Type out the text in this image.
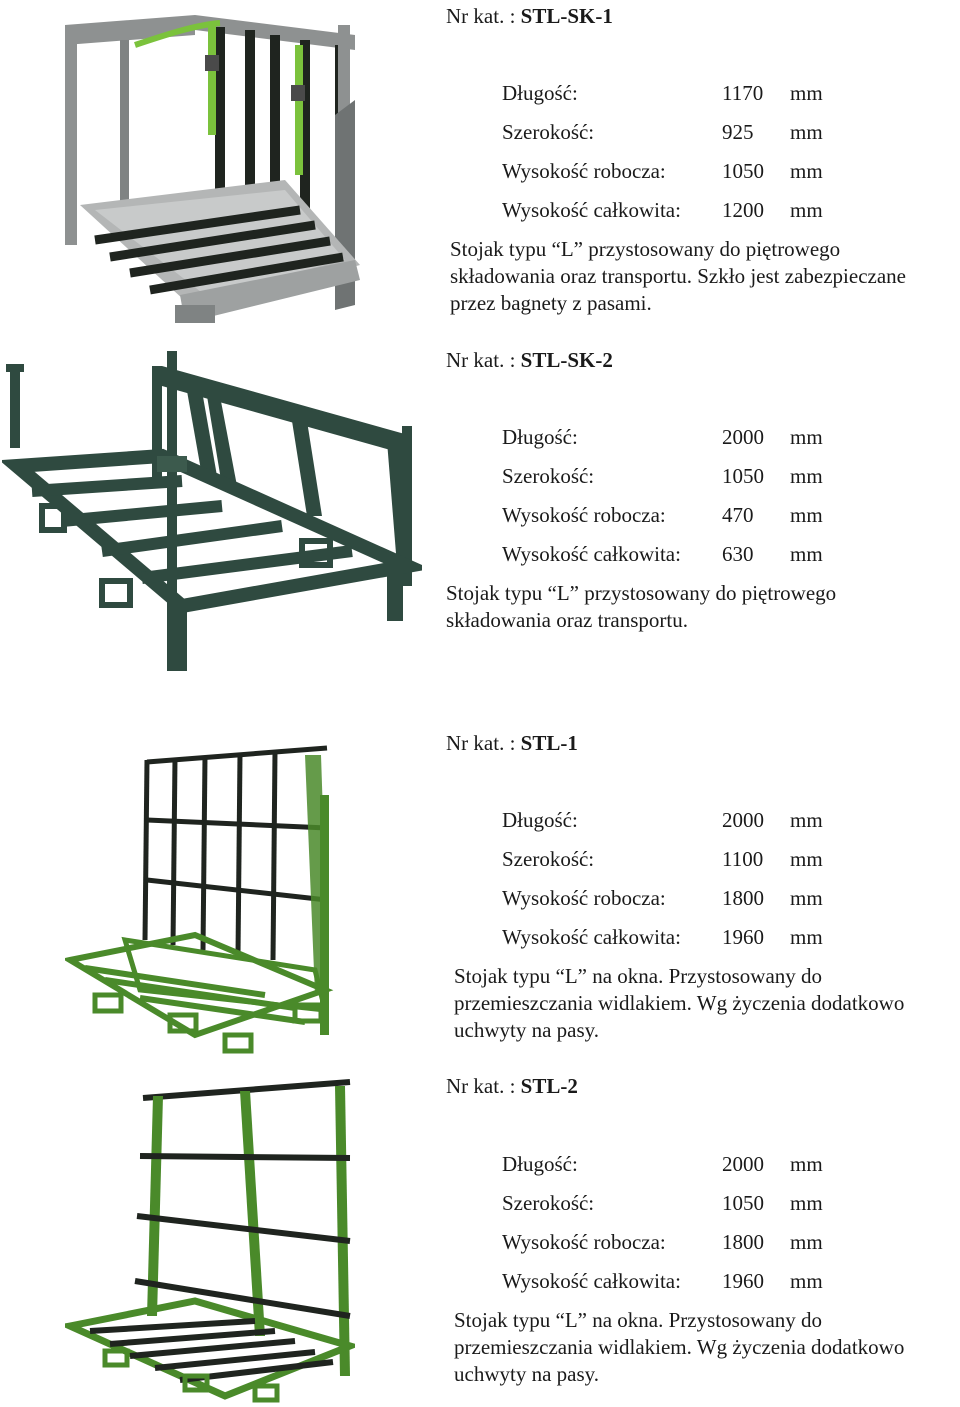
Nr kat. : STL-SK-1
Długość:	1170	mm
Szerokość:	925	mm
Wysokość robocza:	1050	mm
Wysokość całkowita:	1200	mm
Stojak typu “L” przystosowany do piętrowego
składowania oraz transportu. Szkło jest zabezpieczane
przez bagnety z pasami.
Nr kat. : STL-SK-2
Długość:	2000	mm
Szerokość:	1050	mm
Wysokość robocza:	470	mm
Wysokość całkowita:	630	mm
Stojak typu “L” przystosowany do piętrowego
składowania oraz transportu.
Nr kat. : STL-1
Długość:	2000	mm
Szerokość:	1100	mm
Wysokość robocza:	1800	mm
Wysokość całkowita:	1960	mm
Stojak typu “L” na okna. Przystosowany do
przemieszczania widlakiem. Wg życzenia dodatkowo
uchwyty na pasy.
Nr kat. : STL-2
Długość:	2000	mm
Szerokość:	1050	mm
Wysokość robocza:	1800	mm
Wysokość całkowita:	1960	mm
Stojak typu “L” na okna. Przystosowany do
przemieszczania widlakiem. Wg życzenia dodatkowo
uchwyty na pasy.
